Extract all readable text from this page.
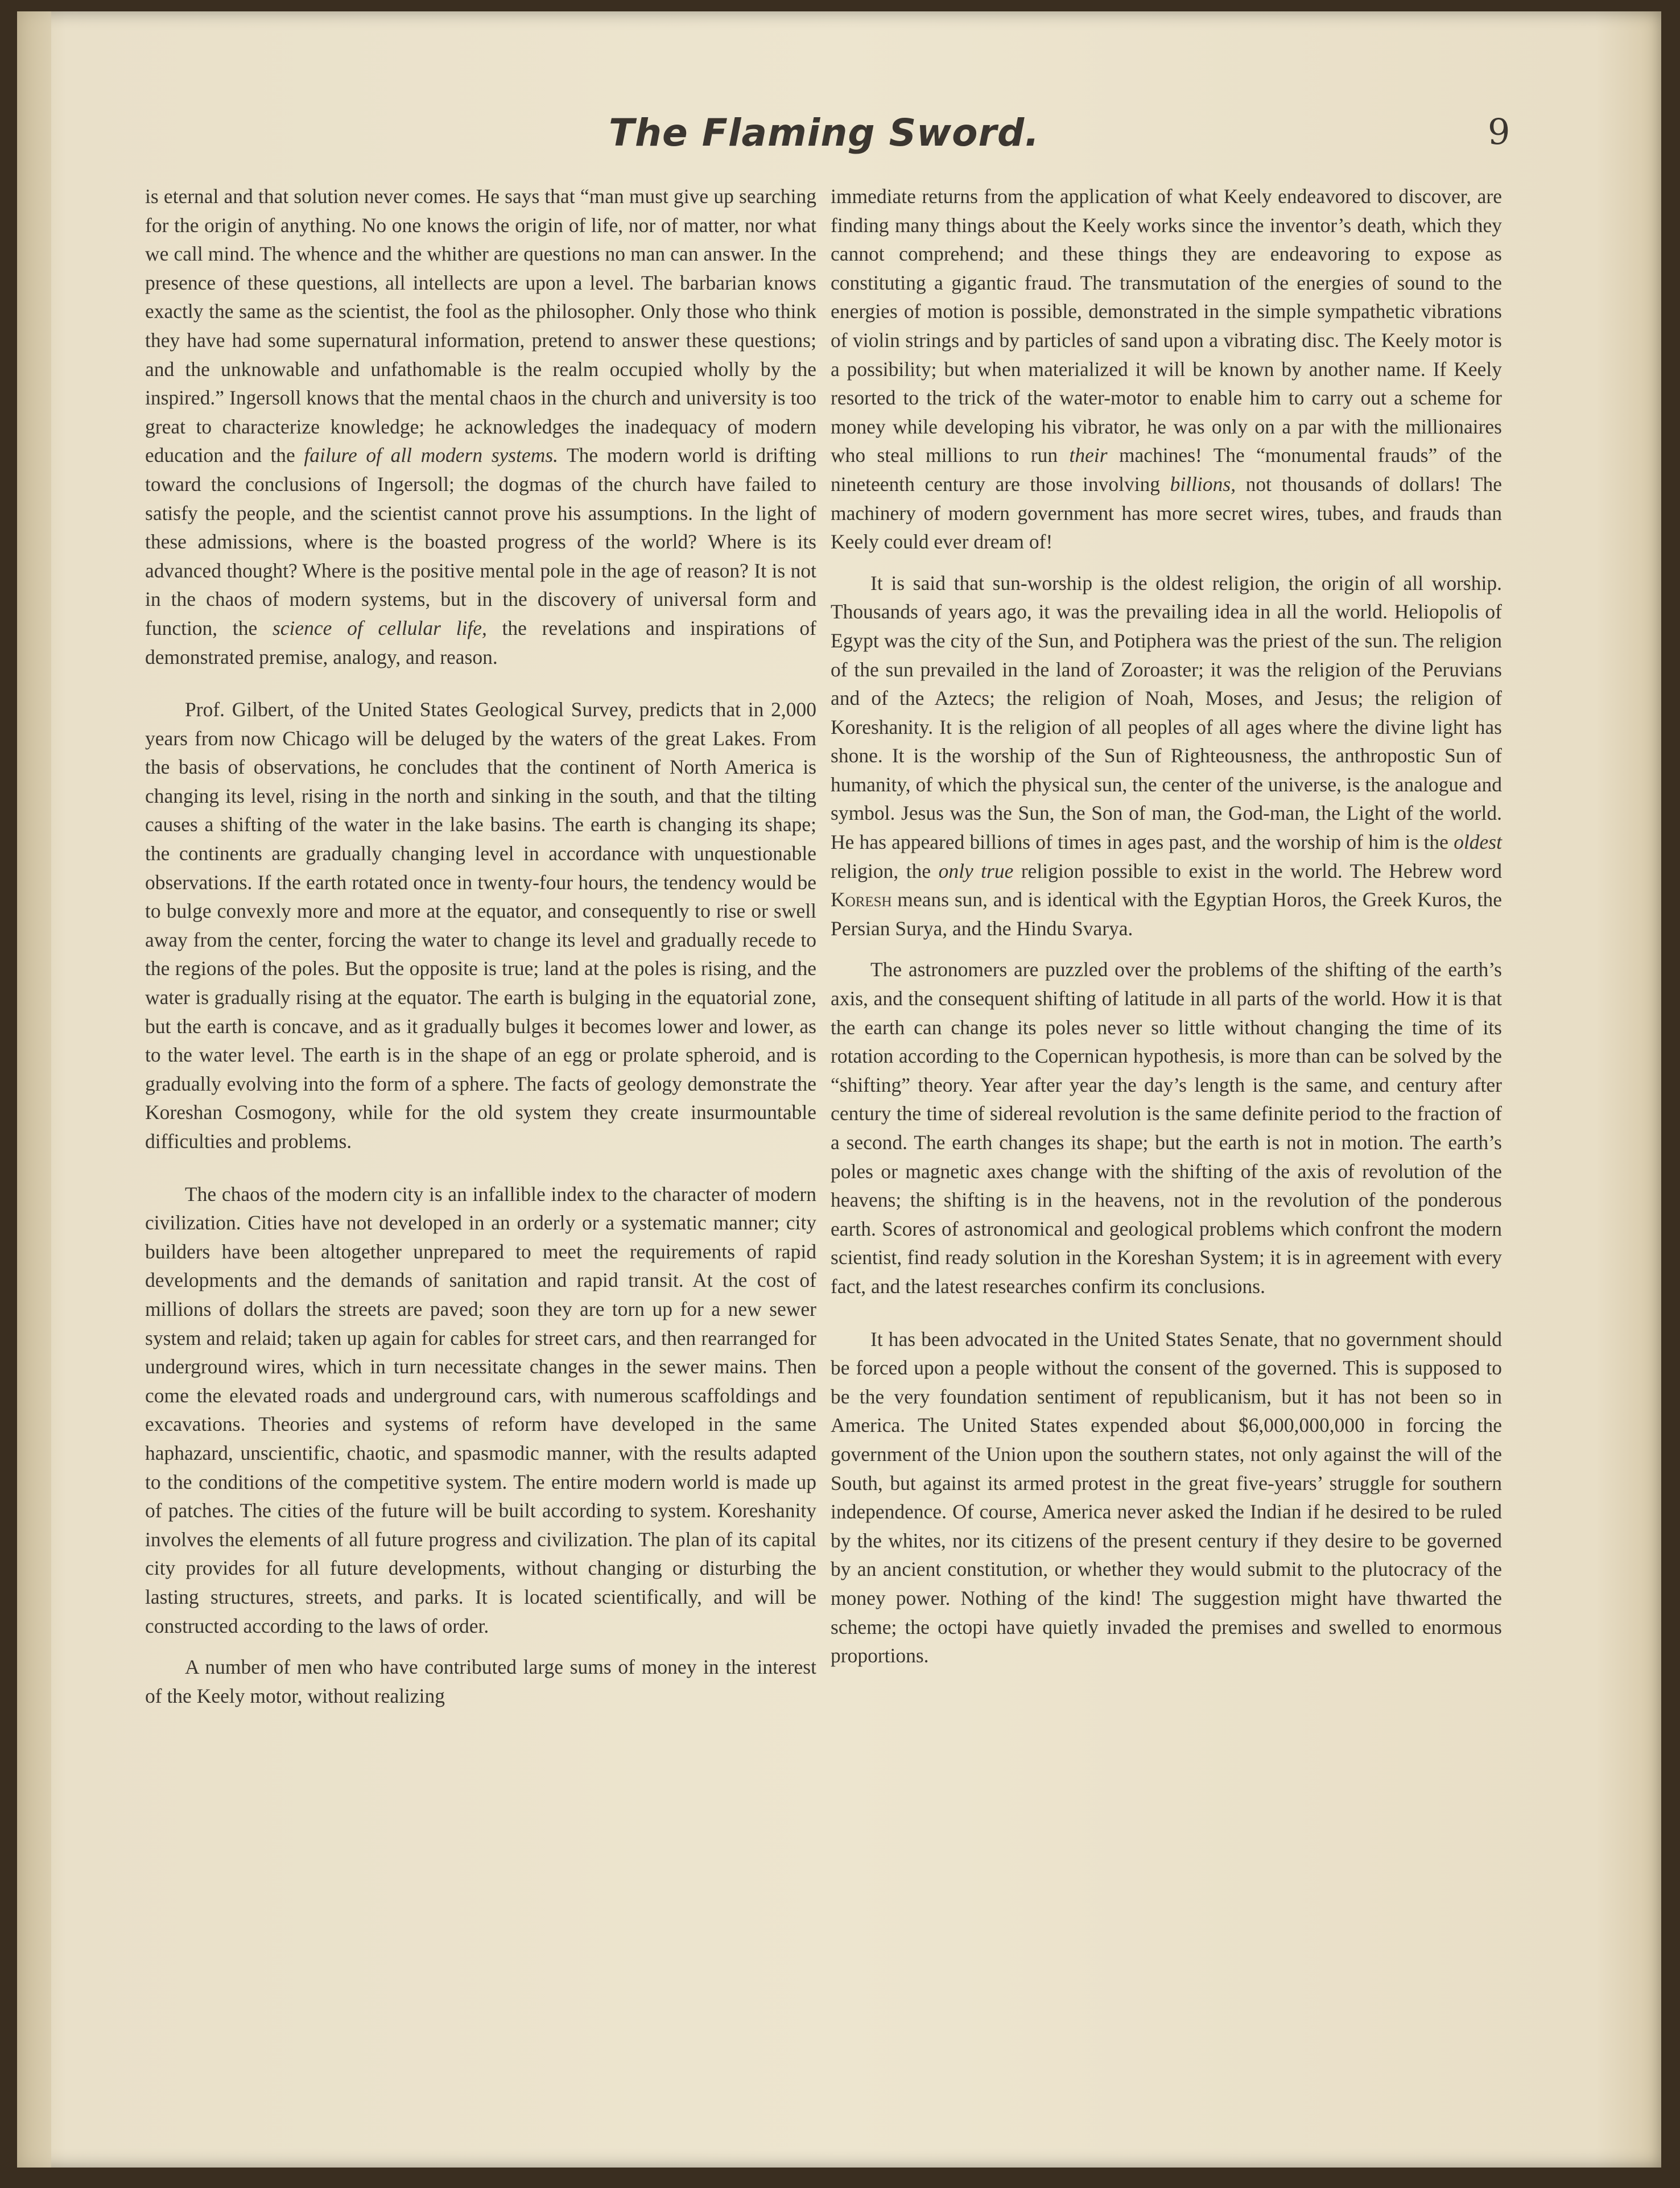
The Flaming Sword.	9

is eternal and that solution never comes. He says that “man must give up searching for the origin of anything. No one knows the origin of life, nor of matter, nor what we call mind. The whence and the whither are questions no man can answer. In the presence of these questions, all intellects are upon a level. The barbarian knows exactly the same as the scientist, the fool as the philosopher. Only those who think they have had some supernatural information, pretend to answer these questions; and the unknowable and unfathomable is the realm occupied wholly by the inspired.” Ingersoll knows that the mental chaos in the church and university is too great to characterize knowledge; he acknowledges the inadequacy of modern education and the failure of all modern systems. The modern world is drifting toward the conclusions of Ingersoll; the dogmas of the church have failed to satisfy the people, and the scientist cannot prove his assumptions. In the light of these admissions, where is the boasted progress of the world? Where is its advanced thought? Where is the positive mental pole in the age of reason? It is not in the chaos of modern systems, but in the discovery of universal form and function, the science of cellular life, the revelations and inspirations of demonstrated premise, analogy, and reason.

Prof. Gilbert, of the United States Geological Survey, predicts that in 2,000 years from now Chicago will be deluged by the waters of the great Lakes. From the basis of observations, he concludes that the continent of North America is changing its level, rising in the north and sinking in the south, and that the tilting causes a shifting of the water in the lake basins. The earth is changing its shape; the continents are gradually changing level in accordance with unquestionable observations. If the earth rotated once in twenty-four hours, the tendency would be to bulge convexly more and more at the equator, and consequently to rise or swell away from the center, forcing the water to change its level and gradually recede to the regions of the poles. But the opposite is true; land at the poles is rising, and the water is gradually rising at the equator. The earth is bulging in the equatorial zone, but the earth is concave, and as it gradually bulges it becomes lower and lower, as to the water level. The earth is in the shape of an egg or prolate spheroid, and is gradually evolving into the form of a sphere. The facts of geology demonstrate the Koreshan Cosmogony, while for the old system they create insurmountable difficulties and problems.

The chaos of the modern city is an infallible index to the character of modern civilization. Cities have not developed in an orderly or a systematic manner; city builders have been altogether unprepared to meet the requirements of rapid developments and the demands of sanitation and rapid transit. At the cost of millions of dollars the streets are paved; soon they are torn up for a new sewer system and relaid; taken up again for cables for street cars, and then rearranged for underground wires, which in turn necessitate changes in the sewer mains. Then come the elevated roads and underground cars, with numerous scaffoldings and excavations. Theories and systems of reform have developed in the same haphazard, unscientific, chaotic, and spasmodic manner, with the results adapted to the conditions of the competitive system. The entire modern world is made up of patches. The cities of the future will be built according to system. Koreshanity involves the elements of all future progress and civilization. The plan of its capital city provides for all future developments, without changing or disturbing the lasting structures, streets, and parks. It is located scientifically, and will be constructed according to the laws of order.

A number of men who have contributed large sums of money in the interest of the Keely motor, without realizing

immediate returns from the application of what Keely endeavored to discover, are finding many things about the Keely works since the inventor’s death, which they cannot comprehend; and these things they are endeavoring to expose as constituting a gigantic fraud. The transmutation of the energies of sound to the energies of motion is possible, demonstrated in the simple sympathetic vibrations of violin strings and by particles of sand upon a vibrating disc. The Keely motor is a possibility; but when materialized it will be known by another name. If Keely resorted to the trick of the water-motor to enable him to carry out a scheme for money while developing his vibrator, he was only on a par with the millionaires who steal millions to run their machines! The “monumental frauds” of the nineteenth century are those involving billions, not thousands of dollars! The machinery of modern government has more secret wires, tubes, and frauds than Keely could ever dream of!

It is said that sun-worship is the oldest religion, the origin of all worship. Thousands of years ago, it was the prevailing idea in all the world. Heliopolis of Egypt was the city of the Sun, and Potiphera was the priest of the sun. The religion of the sun prevailed in the land of Zoroaster; it was the religion of the Peruvians and of the Aztecs; the religion of Noah, Moses, and Jesus; the religion of Koreshanity. It is the religion of all peoples of all ages where the divine light has shone. It is the worship of the Sun of Righteousness, the anthropostic Sun of humanity, of which the physical sun, the center of the universe, is the analogue and symbol. Jesus was the Sun, the Son of man, the God-man, the Light of the world. He has appeared billions of times in ages past, and the worship of him is the oldest religion, the only true religion possible to exist in the world. The Hebrew word Koresh means sun, and is identical with the Egyptian Horos, the Greek Kuros, the Persian Surya, and the Hindu Svarya.

The astronomers are puzzled over the problems of the shifting of the earth’s axis, and the consequent shifting of latitude in all parts of the world. How it is that the earth can change its poles never so little without changing the time of its rotation according to the Copernican hypothesis, is more than can be solved by the “shifting” theory. Year after year the day’s length is the same, and century after century the time of sidereal revolution is the same definite period to the fraction of a second. The earth changes its shape; but the earth is not in motion. The earth’s poles or magnetic axes change with the shifting of the axis of revolution of the heavens; the shifting is in the heavens, not in the revolution of the ponderous earth. Scores of astronomical and geological problems which confront the modern scientist, find ready solution in the Koreshan System; it is in agreement with every fact, and the latest researches confirm its conclusions.

It has been advocated in the United States Senate, that no government should be forced upon a people without the consent of the governed. This is supposed to be the very foundation sentiment of republicanism, but it has not been so in America. The United States expended about $6,000,000,000 in forcing the government of the Union upon the southern states, not only against the will of the South, but against its armed protest in the great five-years’ struggle for southern independence. Of course, America never asked the Indian if he desired to be ruled by the whites, nor its citizens of the present century if they desire to be governed by an ancient constitution, or whether they would submit to the plutocracy of the money power. Nothing of the kind! The suggestion might have thwarted the scheme; the octopi have quietly invaded the premises and swelled to enormous proportions.
